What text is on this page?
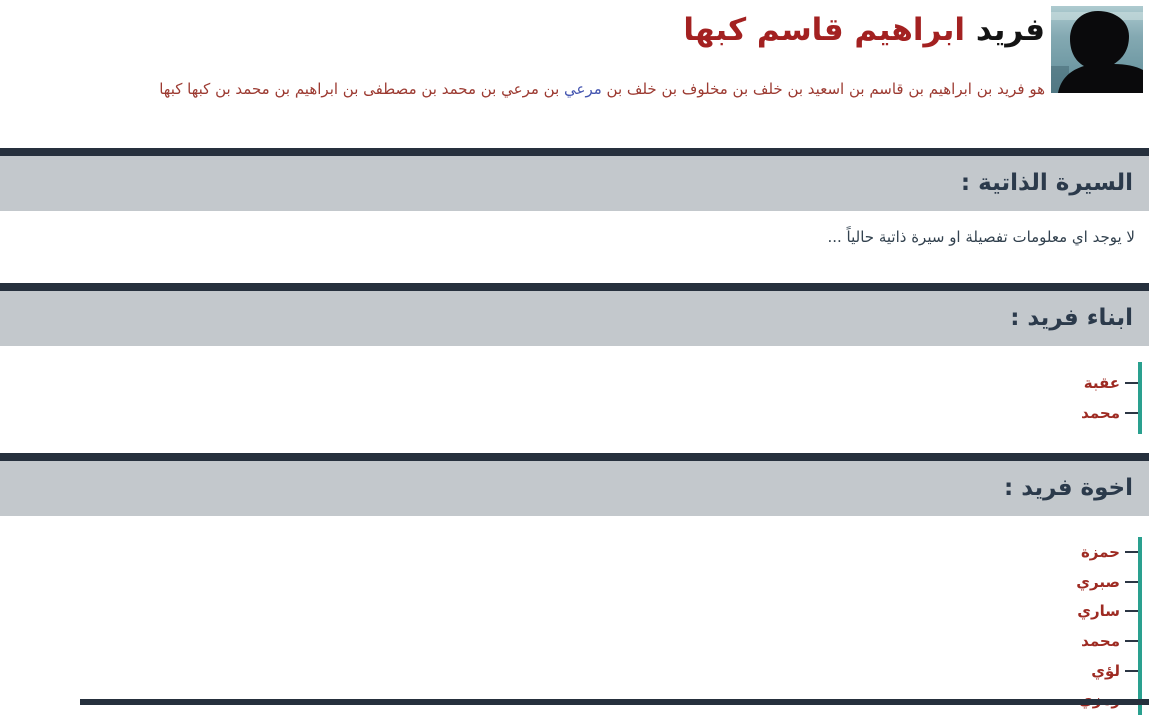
فريد ابراهيم قاسم كبها

هو فريد بن ابراهيم بن قاسم بن اسعيد بن خلف بن مخلوف بن خلف بن مرعي بن مرعي بن محمد بن مصطفى بن ابراهيم بن محمد بن كبها كبها

السيرة الذاتية :
لا يوجد اي معلومات تفصيلة او سيرة ذاتية حالياً ...
ابناء فريد :
عقبة
محمد
اخوة فريد :
حمزة
صبري
ساري
محمد
لؤي
